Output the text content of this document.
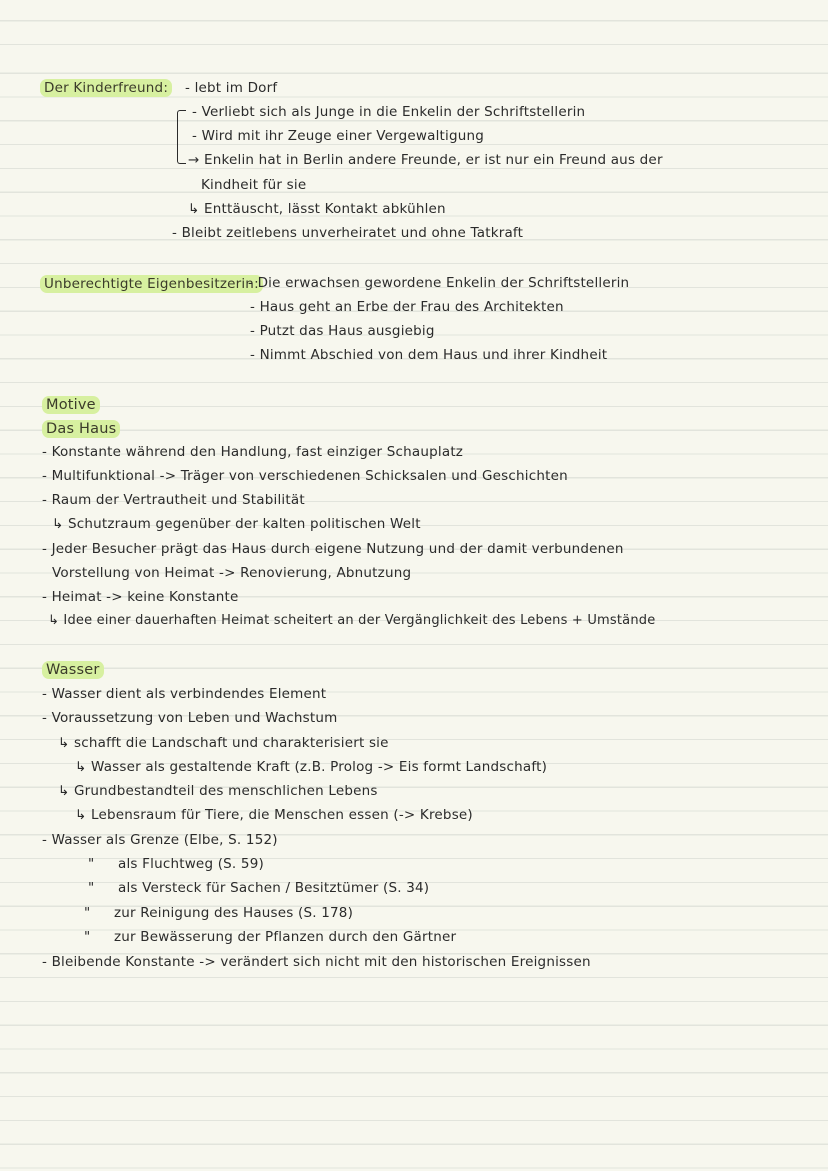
Der Kinderfreund: - lebt im Dorf
- Verliebt sich als Junge in die Enkelin der Schriftstellerin
- Wird mit ihr Zeuge einer Vergewaltigung
→ Enkelin hat in Berlin andere Freunde, er ist nur ein Freund aus der
Kindheit für sie
↳ Enttäuscht, lässt Kontakt abkühlen
- Bleibt zeitlebens unverheiratet und ohne Tatkraft
Unberechtigte Eigenbesitzerin:
- Die erwachsen gewordene Enkelin der Schriftstellerin
- Haus geht an Erbe der Frau des Architekten
- Putzt das Haus ausgiebig
- Nimmt Abschied von dem Haus und ihrer Kindheit
Motive
Das Haus
- Konstante während den Handlung, fast einziger Schauplatz
- Multifunktional -> Träger von verschiedenen Schicksalen und Geschichten
- Raum der Vertrautheit und Stabilität
↳ Schutzraum gegenüber der kalten politischen Welt
- Jeder Besucher prägt das Haus durch eigene Nutzung und der damit verbundenen
Vorstellung von Heimat -> Renovierung, Abnutzung
- Heimat -> keine Konstante
↳ Idee einer dauerhaften Heimat scheitert an der Vergänglichkeit des Lebens + Umstände
Wasser
- Wasser dient als verbindendes Element
- Voraussetzung von Leben und Wachstum
↳ schafft die Landschaft und charakterisiert sie
↳ Wasser als gestaltende Kraft (z.B. Prolog -> Eis formt Landschaft)
↳ Grundbestandteil des menschlichen Lebens
↳ Lebensraum für Tiere, die Menschen essen (-> Krebse)
- Wasser als Grenze (Elbe, S. 152)
" als Fluchtweg (S. 59)
" als Versteck für Sachen / Besitztümer (S. 34)
" zur Reinigung des Hauses (S. 178)
" zur Bewässerung der Pflanzen durch den Gärtner
- Bleibende Konstante -> verändert sich nicht mit den historischen Ereignissen
